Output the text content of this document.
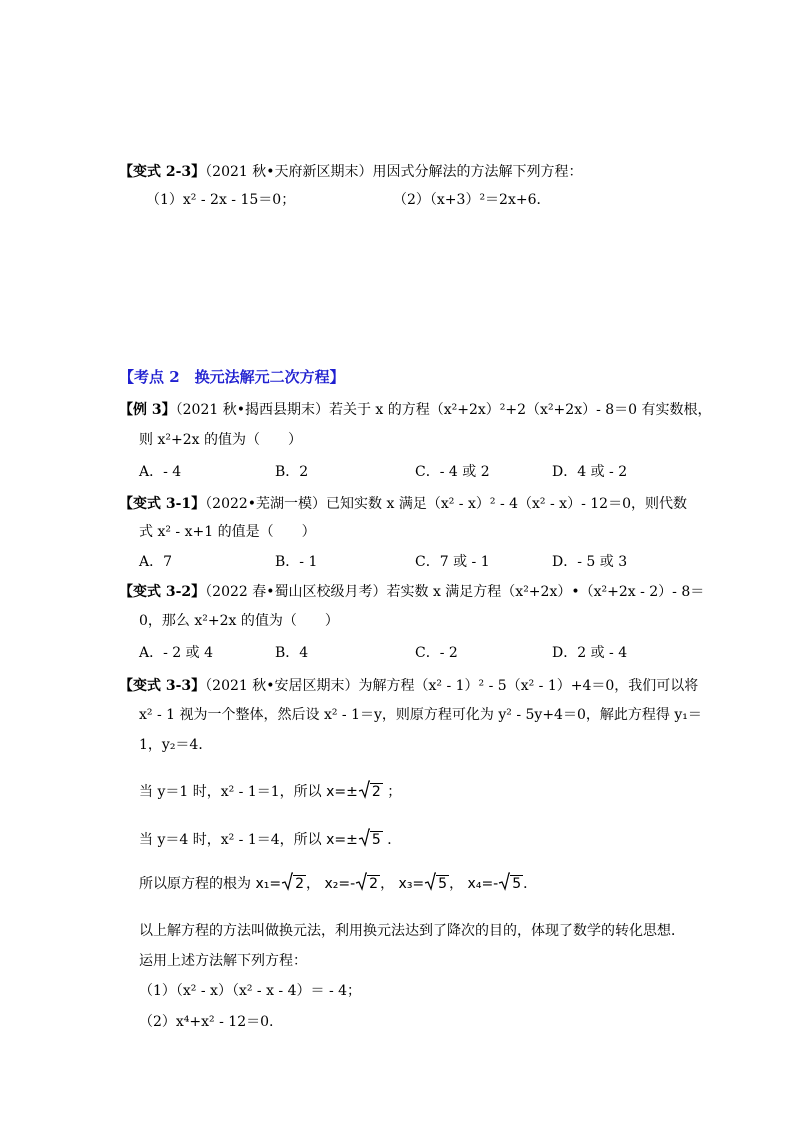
【变式 2-3】（2021 秋•天府新区期末）用因式分解法的方法解下列方程：
（1）x² - 2x - 15＝0；	（2）（x+3）²＝2x+6．
【考点 2　换元法解元二次方程】
【例 3】（2021 秋•揭西县期末）若关于 x 的方程（x²+2x）²+2（x²+2x）- 8＝0 有实数根，
则 x²+2x 的值为（　　）
A．- 4	B．2	C．- 4 或 2	D．4 或 - 2
【变式 3-1】（2022•芜湖一模）已知实数 x 满足（x² - x）² - 4（x² - x）- 12＝0，则代数
式 x² - x+1 的值是（　　）
A．7	B．- 1	C．7 或 - 1	D．- 5 或 3
【变式 3-2】（2022 春•蜀山区校级月考）若实数 x 满足方程（x²+2x）•（x²+2x - 2）- 8＝
0，那么 x²+2x 的值为（　　）
A．- 2 或 4	B．4	C．- 2	D．2 或 - 4
【变式 3-3】（2021 秋•安居区期末）为解方程（x² - 1）² - 5（x² - 1）+4＝0，我们可以将
x² - 1 视为一个整体，然后设 x² - 1＝y，则原方程可化为 y² - 5y+4＝0，解此方程得 y₁＝
1，y₂＝4．
当 y＝1 时，x² - 1＝1，所以 x=± 2 ；
当 y＝4 时，x² - 1＝4，所以 x=± 5 ．
所以原方程的根为 x₁= 2 ， x₂=- 2 ， x₃= 5 ， x₄=- 5 ．
以上解方程的方法叫做换元法，利用换元法达到了降次的目的，体现了数学的转化思想．
运用上述方法解下列方程：
（1）（x² - x）（x² - x - 4）＝ - 4；
（2）x⁴+x² - 12＝0.
